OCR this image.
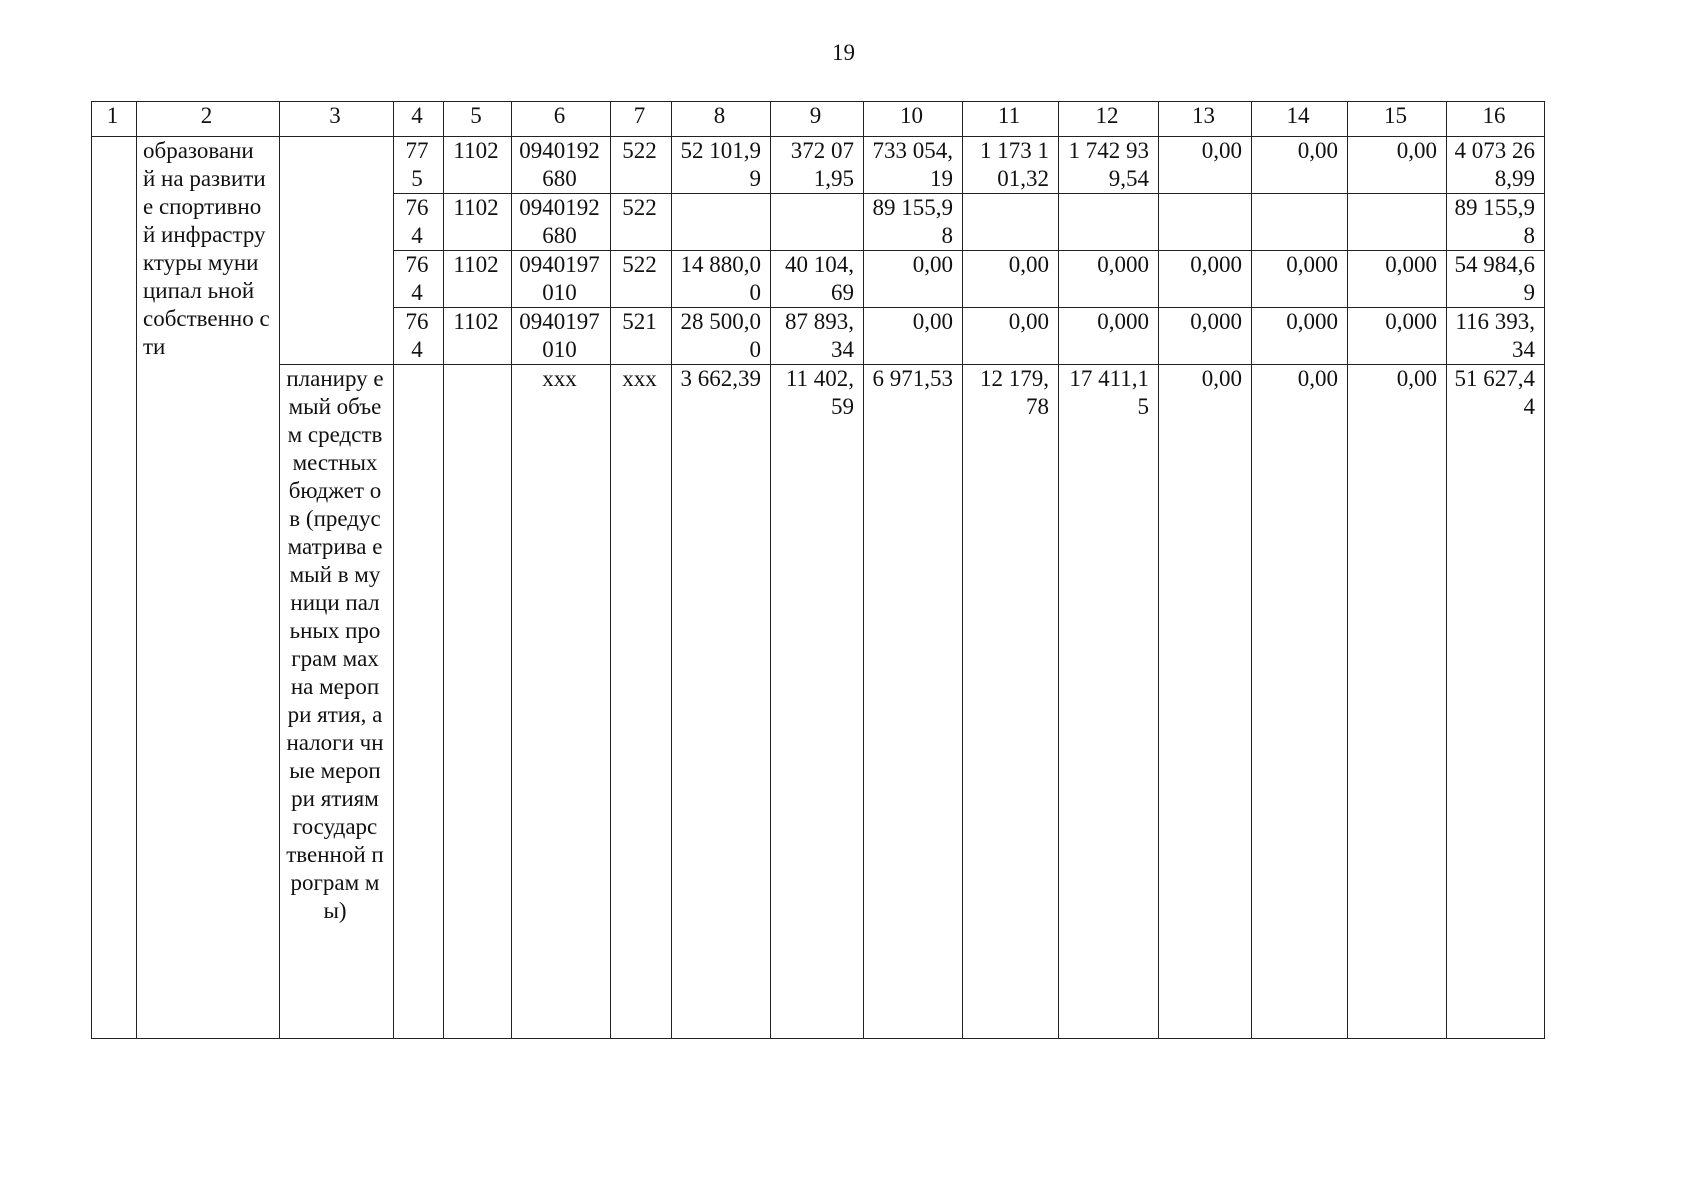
19
1	2	3	4	5	6	7	8	9	10	11	12	13	14	15	16
	образовани й на развитие спортивной инфрастру ктуры муниципал ьной собственно сти		775	1102	0940192680	522	52 101,99	372 071,95	733 054,19	1 173 101,32	1 742 939,54	0,00	0,00	0,00	4 073 268,99
			764	1102	0940192680	522			89 155,98						89 155,98
			764	1102	0940197010	522	14 880,00	40 104,69	0,00	0,00	0,000	0,000	0,000	0,000	54 984,69
			764	1102	0940197010	521	28 500,00	87 893,34	0,00	0,00	0,000	0,000	0,000	0,000	116 393,34
		планиру емый объем средств местных бюджет ов (предус матрива емый в муници пальных програм мах на меропри ятия, аналоги чные меропри ятиям государс твенной програм мы)			xxx	xxx	3 662,39	11 402,59	6 971,53	12 179,78	17 411,15	0,00	0,00	0,00	51 627,44
